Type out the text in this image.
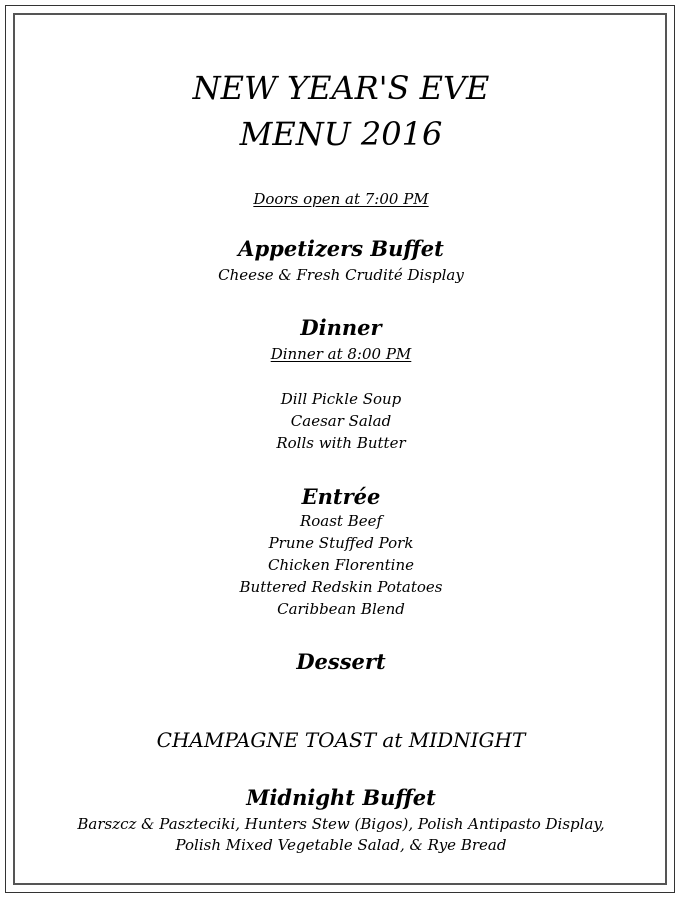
NEW YEAR'S EVE
MENU 2016
Doors open at 7:00 PM
Appetizers Buffet
Cheese & Fresh Crudité Display
Dinner
Dinner at 8:00 PM
Dill Pickle Soup
Caesar Salad
Rolls with Butter
Entrée
Roast Beef
Prune Stuffed Pork
Chicken Florentine
Buttered Redskin Potatoes
Caribbean Blend
Dessert
CHAMPAGNE TOAST at MIDNIGHT
Midnight Buffet
Barszcz & Paszteciki, Hunters Stew (Bigos), Polish Antipasto Display,
Polish Mixed Vegetable Salad, & Rye Bread
